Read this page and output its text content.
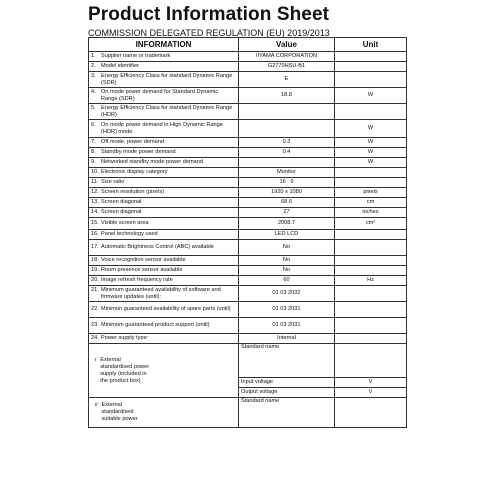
Product Information Sheet
COMMISSION DELEGATED REGULATION (EU) 2019/2013
INFORMATION	Value	Unit

1. Supplier name or trademark	IIYAMA CORPORATION	

2. Model identifier	G2770HSU-B1	

3. Energy Efficiency Class for standard Dynamic Range (SDR)	E	

4. On mode power demand for Standard Dynamic Range (SDR)	18.8	W

5. Energy Efficiency Class for standard Dynamic Range (HDR)		

6. On mode power demand in High Dynamic Range (HDR) mode		W

7. Off mode, power demand	0.3	W

8. Standby mode power demand	0.4	W

9. Networked standby mode power demand		W

10. Electronic display category	Monitor	

11. Size ratio	16 : 9	

12. Screen resolution (pixels)	1920 x 1080	pixels

13. Screen diagonal	68.6	cm

14. Screen diagonal	27	inches

15. Visible screen area	2008.7	cm²

16. Panel technology used	LED LCD	

17. Automatic Brightness Control (ABC) available	No	

18. Voice recognition sensor available	No	

19. Room presence sensor available	No	

20. Image refresh frequency rate	60	Hz

21. Minimum guaranteed availability of software and firmware updates (until):	01 03 2032	

22. Minimun guaranteed availability of spare parts (until)	01 03 2031	

23. Minimum guaranteed product support (until)	01 03 2031	

24. Power supply type:	Internal	

i External standardised power supply (included in the product box)	Standard name	
	Input voltage	V
	Output voltage	V

ii External standardised suitable power	Standard name	
